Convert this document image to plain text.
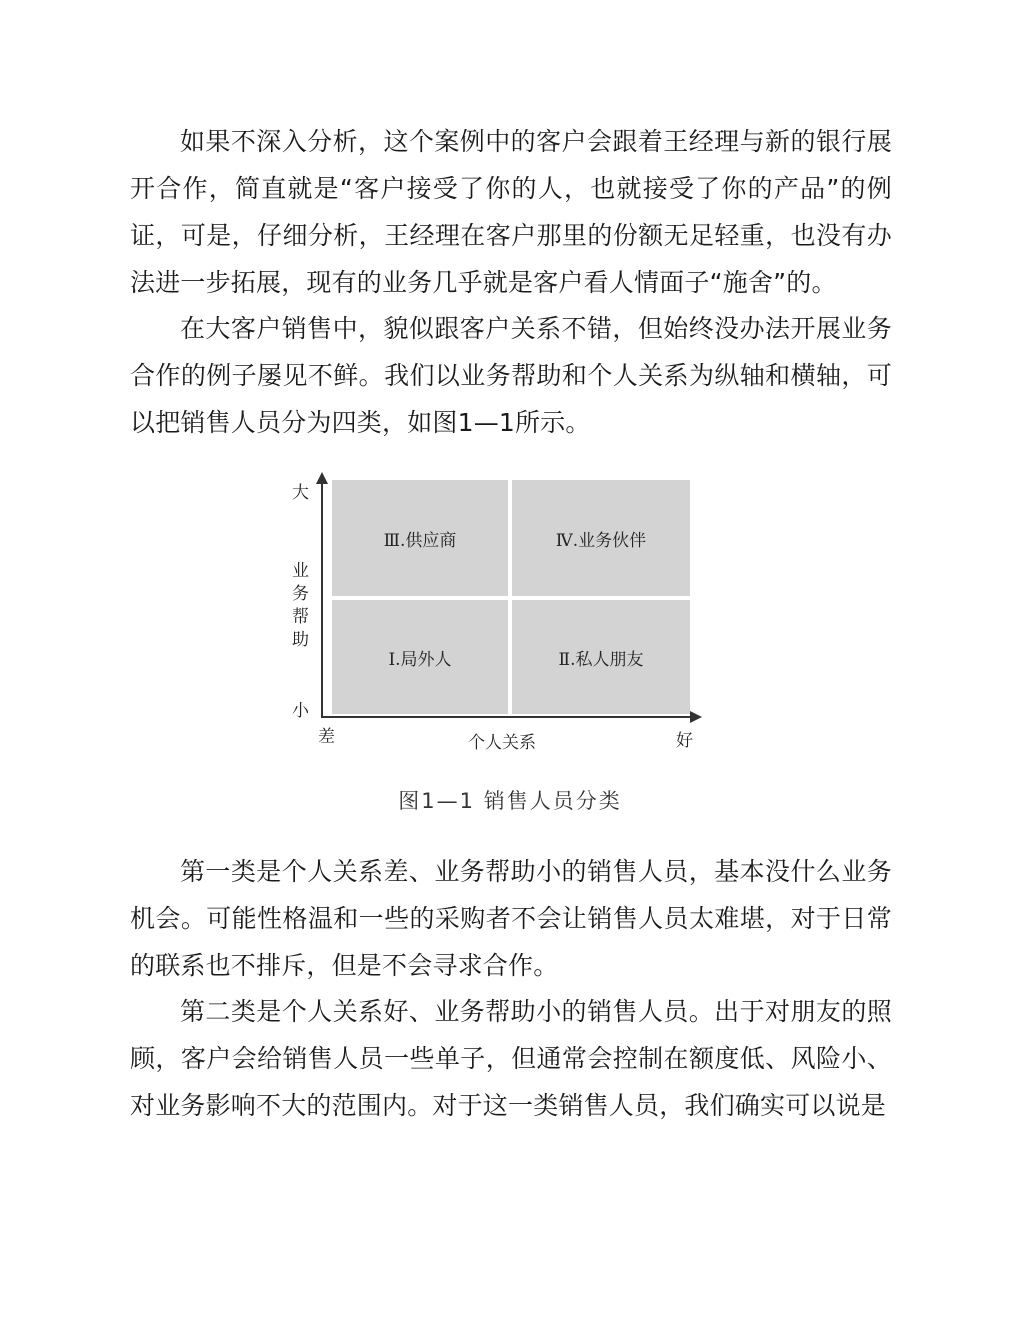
如果不深入分析，这个案例中的客户会跟着王经理与新的银行展开合作，简直就是“客户接受了你的人，也就接受了你的产品”的例证，可是，仔细分析，王经理在客户那里的份额无足轻重，也没有办法进一步拓展，现有的业务几乎就是客户看人情面子“施舍”的。

在大客户销售中，貌似跟客户关系不错，但始终没办法开展业务合作的例子屡见不鲜。我们以业务帮助和个人关系为纵轴和横轴，可以把销售人员分为四类，如图1—1所示。

Ⅲ.供应商	Ⅳ.业务伙伴
Ⅰ.局外人	Ⅱ.私人朋友
大
业务帮助
小
差	个人关系	好
图1—1 销售人员分类

第一类是个人关系差、业务帮助小的销售人员，基本没什么业务机会。可能性格温和一些的采购者不会让销售人员太难堪，对于日常的联系也不排斥，但是不会寻求合作。

第二类是个人关系好、业务帮助小的销售人员。出于对朋友的照顾，客户会给销售人员一些单子，但通常会控制在额度低、风险小、对业务影响不大的范围内。对于这一类销售人员，我们确实可以说是
